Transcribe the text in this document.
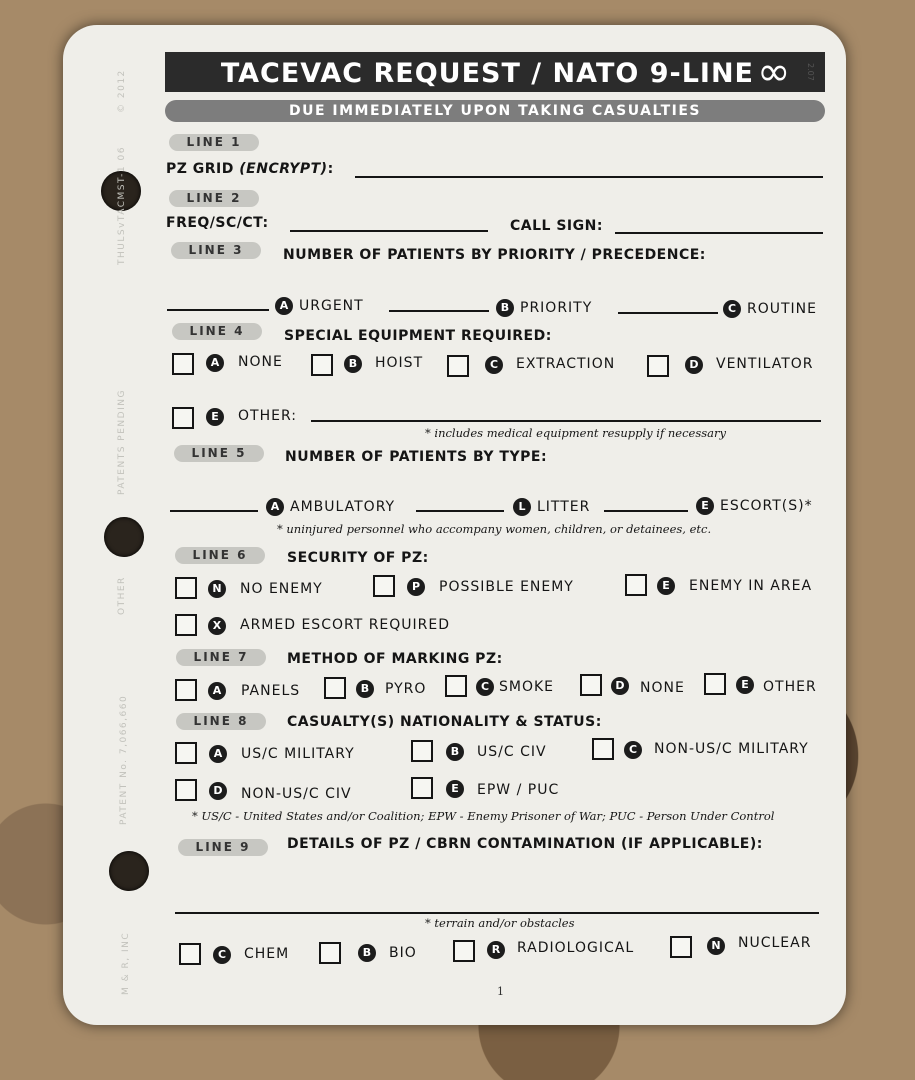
TACEVAC REQUEST / NATO 9-LINE ∞ 2.07
DUE IMMEDIATELY UPON TAKING CASUALTIES
© 2012
THULSvTACMST-1 06
PATENTS PENDING
OTHER
PATENT No. 7,066,660
M & R, INC
LINE 1
PZ GRID (ENCRYPT):
LINE 2
FREQ/SC/CT:	CALL SIGN:
LINE 3	NUMBER OF PATIENTS BY PRIORITY / PRECEDENCE:
A URGENT	B PRIORITY	C ROUTINE
LINE 4	SPECIAL EQUIPMENT REQUIRED:
A	NONE	B	HOIST	C	EXTRACTION	D	VENTILATOR
E	OTHER:
* includes medical equipment resupply if necessary
LINE 5	NUMBER OF PATIENTS BY TYPE:
A AMBULATORY	L LITTER	E ESCORT(S)*
* uninjured personnel who accompany women, children, or detainees, etc.
LINE 6	SECURITY OF PZ:
N	NO ENEMY	P	POSSIBLE ENEMY	E	ENEMY IN AREA
X	ARMED ESCORT REQUIRED
LINE 7	METHOD OF MARKING PZ:
A	PANELS	B	PYRO	C SMOKE	D	NONE	E	OTHER
LINE 8	CASUALTY(S) NATIONALITY & STATUS:
A	US/C MILITARY	B	US/C CIV	C	NON-US/C MILITARY
D	NON-US/C CIV	E	EPW / PUC
* US/C - United States and/or Coalition; EPW - Enemy Prisoner of War; PUC - Person Under Control
LINE 9	DETAILS OF PZ / CBRN CONTAMINATION (IF APPLICABLE):
* terrain and/or obstacles
C	CHEM	B	BIO	R	RADIOLOGICAL	N	NUCLEAR
1
